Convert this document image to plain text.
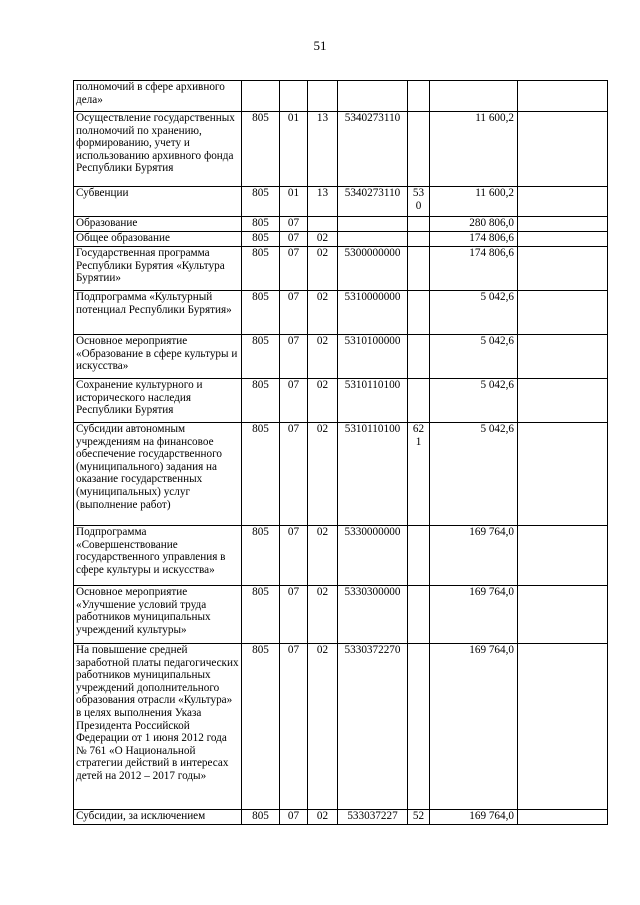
51
полномочий в сфере архивного дела»							
Осуществление государственных полномочий по хранению, формированию, учету и использованию архивного фонда Республики Бурятия	805	01	13	5340273110		11 600,2	
Субвенции	805	01	13	5340273110	530	11 600,2	
Образование	805	07				280 806,0	
Общее образование	805	07	02			174 806,6	
Государственная программа Республики Бурятия «Культура Бурятии»	805	07	02	5300000000		174 806,6	
Подпрограмма «Культурный потенциал Республики Бурятия»	805	07	02	5310000000		5 042,6	
Основное мероприятие «Образование в сфере культуры и искусства»	805	07	02	5310100000		5 042,6	
Сохранение культурного и исторического наследия Республики Бурятия	805	07	02	5310110100		5 042,6	
Субсидии автономным учреждениям на финансовое обеспечение государственного (муниципального) задания на оказание государственных (муниципальных) услуг (выполнение работ)	805	07	02	5310110100	621	5 042,6	
Подпрограмма «Совершенствование государственного управления в сфере культуры и искусства»	805	07	02	5330000000		169 764,0	
Основное мероприятие «Улучшение условий труда работников муниципальных учреждений культуры»	805	07	02	5330300000		169 764,0	
На повышение средней заработной платы педагогических работников муниципальных учреждений дополнительного образования отрасли «Культура» в целях выполнения Указа Президента Российской Федерации от 1 июня 2012 года № 761 «О Национальной стратегии действий в интересах детей на 2012 – 2017 годы»	805	07	02	5330372270		169 764,0	
Субсидии, за исключением	805	07	02	533037227	52	169 764,0	
